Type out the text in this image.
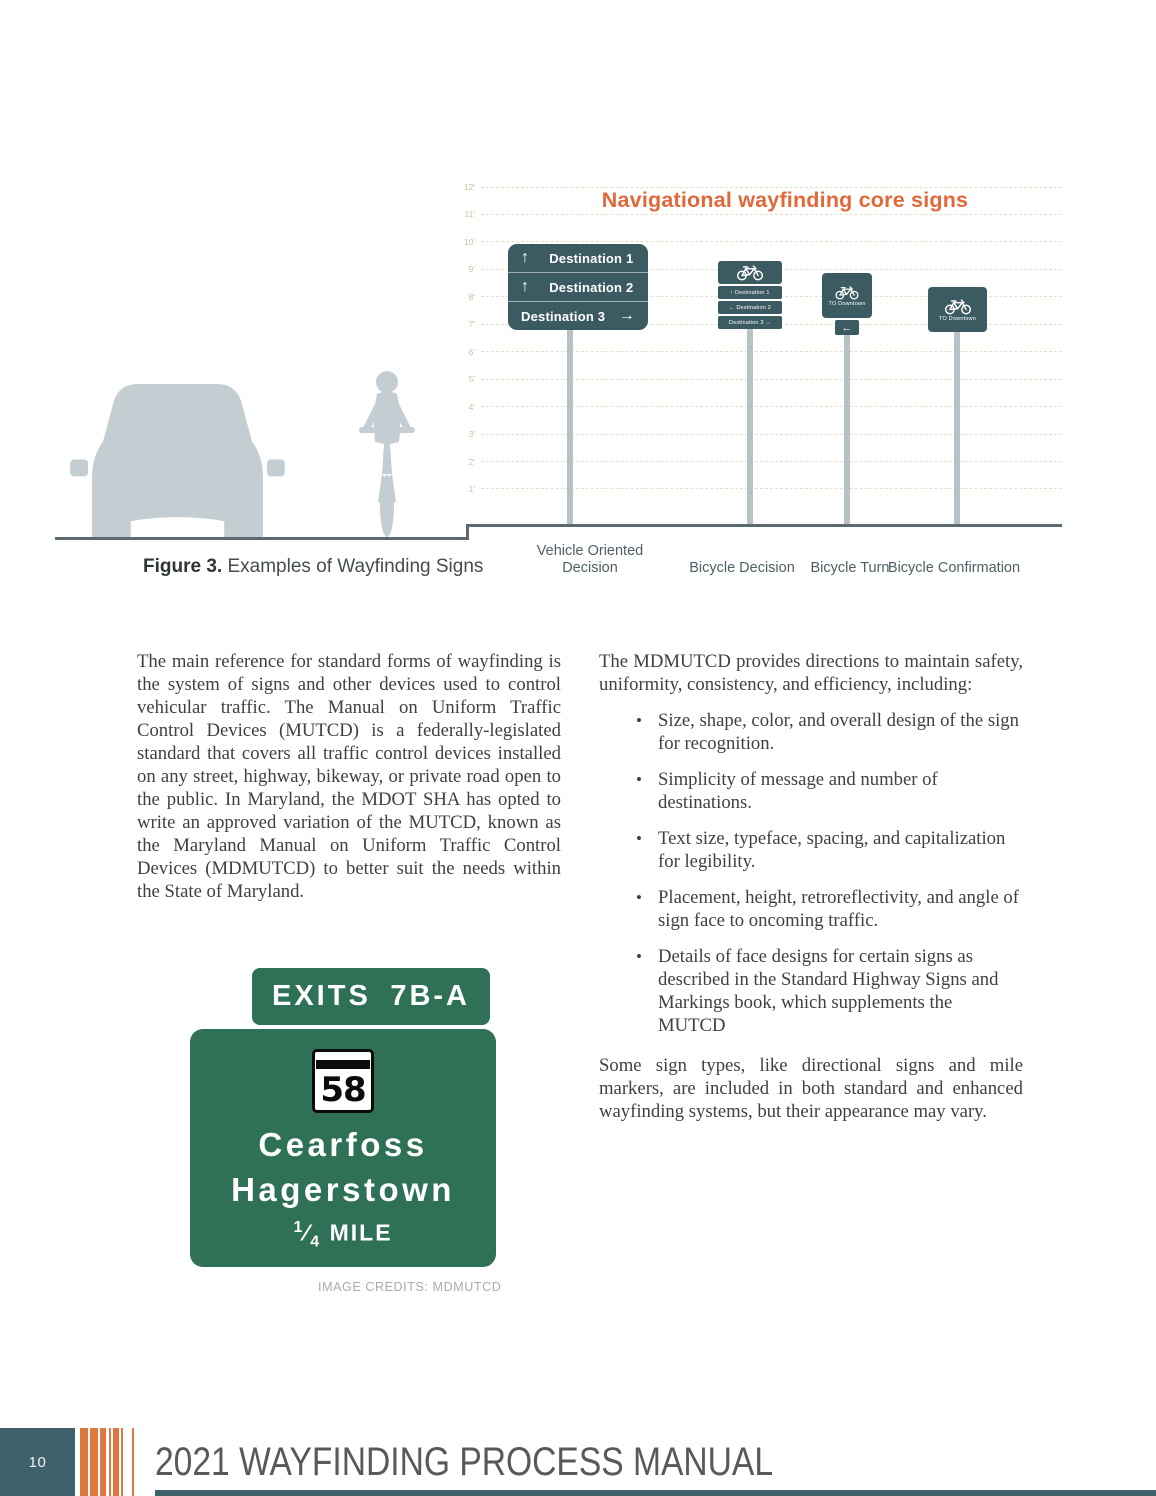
Navigational wayfinding core signs
12'
11'
10'
9'
8'
7'
6'
5'
4'
3'
2'
1'
↑ Destination 1
↑ Destination 2
Destination 3 →
↑ Destination 1
← Destination 2
Destination 3 →
TO Downtown
←
TO Downtown
Vehicle Oriented Decision	Bicycle Decision	Bicycle Turn
Bicycle Confirmation
Figure 3. Examples of Wayfinding Signs

The main reference for standard forms of wayfinding is the system of signs and other devices used to control vehicular traffic. The Manual on Uniform Traffic Control Devices (MUTCD) is a federally-legislated standard that covers all traffic control devices installed on any street, highway, bikeway, or private road open to the public. In Maryland, the MDOT SHA has opted to write an approved variation of the MUTCD, known as the Maryland Manual on Uniform Traffic Control Devices (MDMUTCD) to better suit the needs within the State of Maryland.

The MDMUTCD provides directions to maintain safety, uniformity, consistency, and efficiency, including:

• Size, shape, color, and overall design of the sign for recognition.
• Simplicity of message and number of destinations.
• Text size, typeface, spacing, and capitalization for legibility.
• Placement, height, retroreflectivity, and angle of sign face to oncoming traffic.
• Details of face designs for certain signs as described in the Standard Highway Signs and Markings book, which supplements the MUTCD

Some sign types, like directional signs and mile markers, are included in both standard and enhanced wayfinding systems, but their appearance may vary.

EXITS 7B-A
58
Cearfoss
Hagerstown
$^1⁄_4$ MILE
IMAGE CREDITS: MDMUTCD
10	2021 WAYFINDING PROCESS MANUAL
